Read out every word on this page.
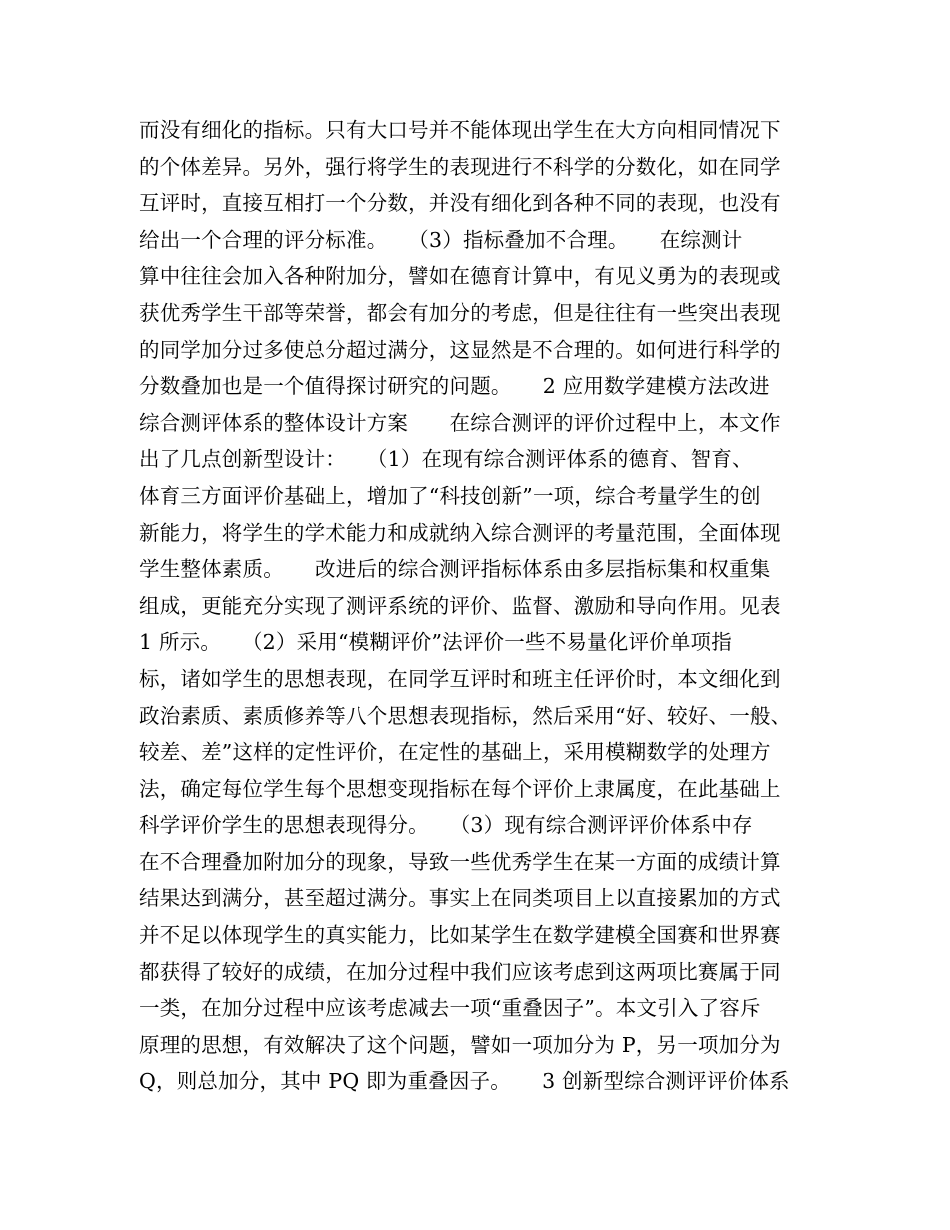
而没有细化的指标。只有大口号并不能体现出学生在大方向相同情况下
的个体差异。另外，强行将学生的表现进行不科学的分数化，如在同学
互评时，直接互相打一个分数，并没有细化到各种不同的表现，也没有
给出一个合理的评分标准。　　（3）指标叠加不合理。　　在综测计
算中往往会加入各种附加分，譬如在德育计算中，有见义勇为的表现或
获优秀学生干部等荣誉，都会有加分的考虑，但是往往有一些突出表现
的同学加分过多使总分超过满分，这显然是不合理的。如何进行科学的
分数叠加也是一个值得探讨研究的问题。　　2 应用数学建模方法改进
综合测评体系的整体设计方案　　在综合测评的评价过程中上，本文作
出了几点创新型设计：　　（1）在现有综合测评体系的德育、智育、
体育三方面评价基础上，增加了“科技创新”一项，综合考量学生的创
新能力，将学生的学术能力和成就纳入综合测评的考量范围，全面体现
学生整体素质。　　改进后的综合测评指标体系由多层指标集和权重集
组成，更能充分实现了测评系统的评价、监督、激励和导向作用。见表
1 所示。　　（2）采用“模糊评价”法评价一些不易量化评价单项指
标，诸如学生的思想表现，在同学互评时和班主任评价时，本文细化到
政治素质、素质修养等八个思想表现指标，然后采用“好、较好、一般、
较差、差”这样的定性评价，在定性的基础上，采用模糊数学的处理方
法，确定每位学生每个思想变现指标在每个评价上隶属度，在此基础上
科学评价学生的思想表现得分。　　（3）现有综合测评评价体系中存
在不合理叠加附加分的现象，导致一些优秀学生在某一方面的成绩计算
结果达到满分，甚至超过满分。事实上在同类项目上以直接累加的方式
并不足以体现学生的真实能力，比如某学生在数学建模全国赛和世界赛
都获得了较好的成绩，在加分过程中我们应该考虑到这两项比赛属于同
一类，在加分过程中应该考虑减去一项“重叠因子”。本文引入了容斥
原理的思想，有效解决了这个问题，譬如一项加分为 P，另一项加分为
Q，则总加分，其中 PQ 即为重叠因子。　　3 创新型综合测评评价体系
